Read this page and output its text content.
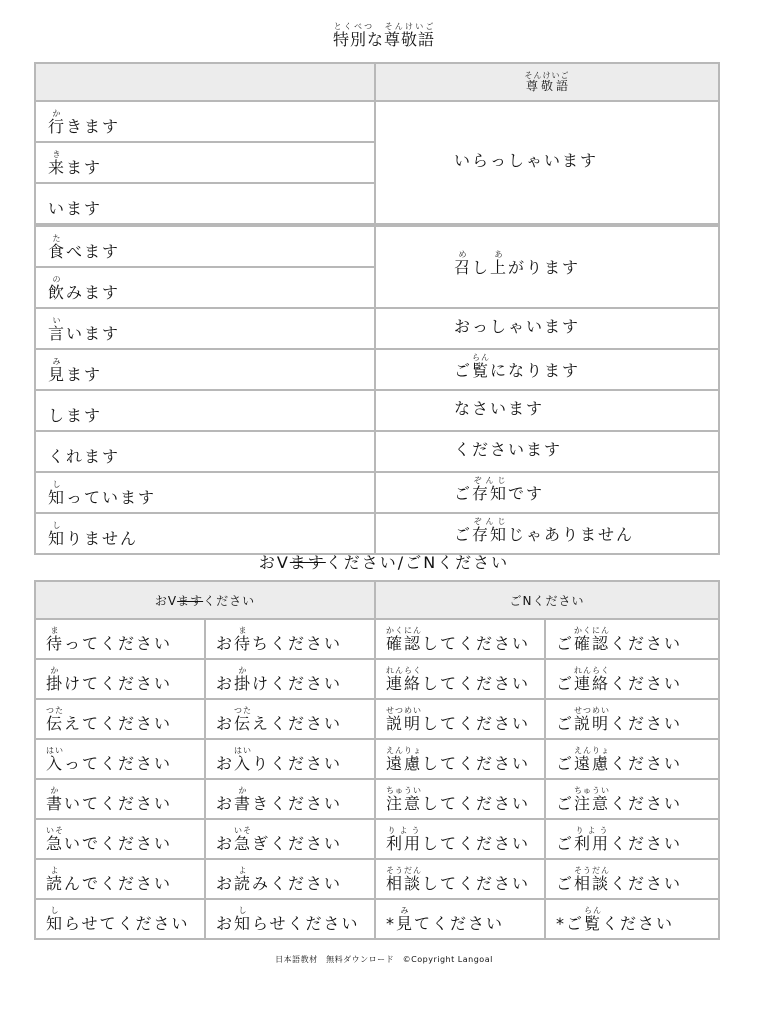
特別な尊敬語とくべつ　そんけいご
	尊敬語そんけいご
行かきます	いらっしゃいます
来きます	
います	
食たべます	召めし上あがります
飲のみます	
言いいます	おっしゃいます
見みます	ご覧らんになります
します	なさいます
くれます	くださいます
知しっています	ご存知ぞんじです
知しりません	ご存知ぞんじじゃありません
おVますください/ごNください
おVますください		ごNください	
待まってください	お待まちください	確認かくにんしてください	ご確認かくにんください
掛かけてください	お掛かけください	連絡れんらくしてください	ご連絡れんらくください
伝つたえてください	お伝つたえください	説明せつめいしてください	ご説明せつめいください
入はいってください	お入はいりください	遠慮えんりょしてください	ご遠慮えんりょください
書かいてください	お書かきください	注意ちゅういしてください	ご注意ちゅういください
急いそいでください	お急いそぎください	利用りようしてください	ご利用りようください
読よんでください	お読よみください	相談そうだんしてください	ご相談そうだんください
知しらせてください	お知しらせください	*見みてください	*ご覧らんください
日本語教材　無料ダウンロード　©Copyright Langoal
